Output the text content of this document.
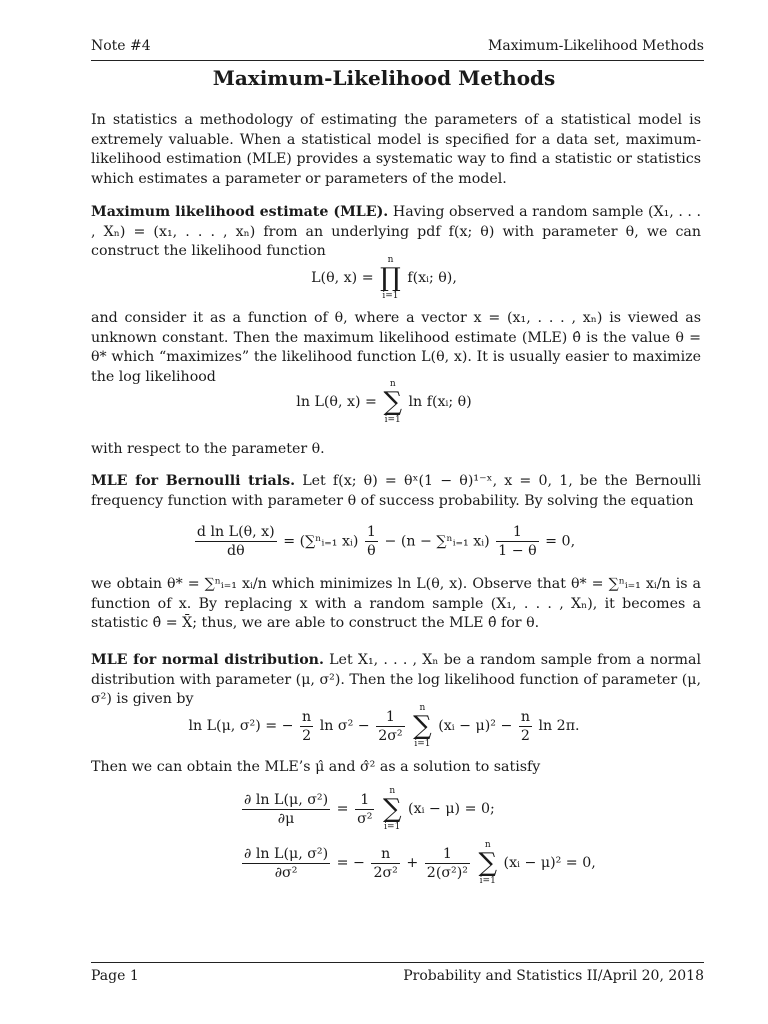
Note #4	Maximum-Likelihood Methods
Maximum-Likelihood Methods
In statistics a methodology of estimating the parameters of a statistical model is extremely valuable. When a statistical model is specified for a data set, maximum-likelihood estimation (MLE) provides a systematic way to find a statistic or statistics which estimates a parameter or parameters of the model.
Maximum likelihood estimate (MLE). Having observed a random sample (X₁, . . . , Xₙ) = (x₁, . . . , xₙ) from an underlying pdf f(x; θ) with parameter θ, we can construct the likelihood function
L(θ, x) =
n
∏
i=1
f(xᵢ; θ),
and consider it as a function of θ, where a vector x = (x₁, . . . , xₙ) is viewed as unknown constant. Then the maximum likelihood estimate (MLE) θ̂ is the value θ = θ* which “maximizes” the likelihood function L(θ, x). It is usually easier to maximize the log likelihood
ln L(θ, x) =
n
∑
i=1
ln f(xᵢ; θ)
with respect to the parameter θ.
MLE for Bernoulli trials. Let f(x; θ) = θˣ(1 − θ)¹⁻ˣ, x = 0, 1, be the Bernoulli frequency function with parameter θ of success probability. By solving the equation
$\frac{\text{d ln L(θ, x)}}{d\theta}$ = (∑ⁿᵢ₌₁ xᵢ) $\frac{1}{\theta} - (n$ − ∑ⁿᵢ₌₁ xᵢ) $\frac{1}{1 - \theta} = 0$,
we obtain θ* = ∑ⁿᵢ₌₁ xᵢ/n which minimizes ln L(θ, x). Observe that θ* = ∑ⁿᵢ₌₁ xᵢ/n is a function of x. By replacing x with a random sample (X₁, . . . , Xₙ), it becomes a statistic θ̂ = X̄; thus, we are able to construct the MLE θ̂ for θ.
MLE for normal distribution. Let X₁, . . . , Xₙ be a random sample from a normal distribution with parameter (μ, σ²). Then the log likelihood function of parameter (μ, σ²) is given by
ln L(μ, σ²) = − $\frac{n}{2}$ $\ln \sigma^2 - \frac{1}{\text{2σ²}}$
	n
∑
i=1
(xᵢ − $\mu)^2 - \frac{n}{2}$ ln 2π.
Then we can obtain the MLE’s μ̂ and σ̂² as a solution to satisfy
$\frac{\text{∂ ln L(μ, σ²)}}{\partial\mu} = \frac{1}{\text{σ²}}$
	n
∑
i=1
(xᵢ − μ) = 0;
$\frac{\text{∂ ln L(μ, σ²)}}{\text{∂σ²}}$ = − $\frac{n}{\text{2σ²}} + \frac{1}{\text{2(σ²)²}}$
	n
∑
i=1
(xᵢ − μ)² = 0,
Page 1	Probability and Statistics II/April 20, 2018
